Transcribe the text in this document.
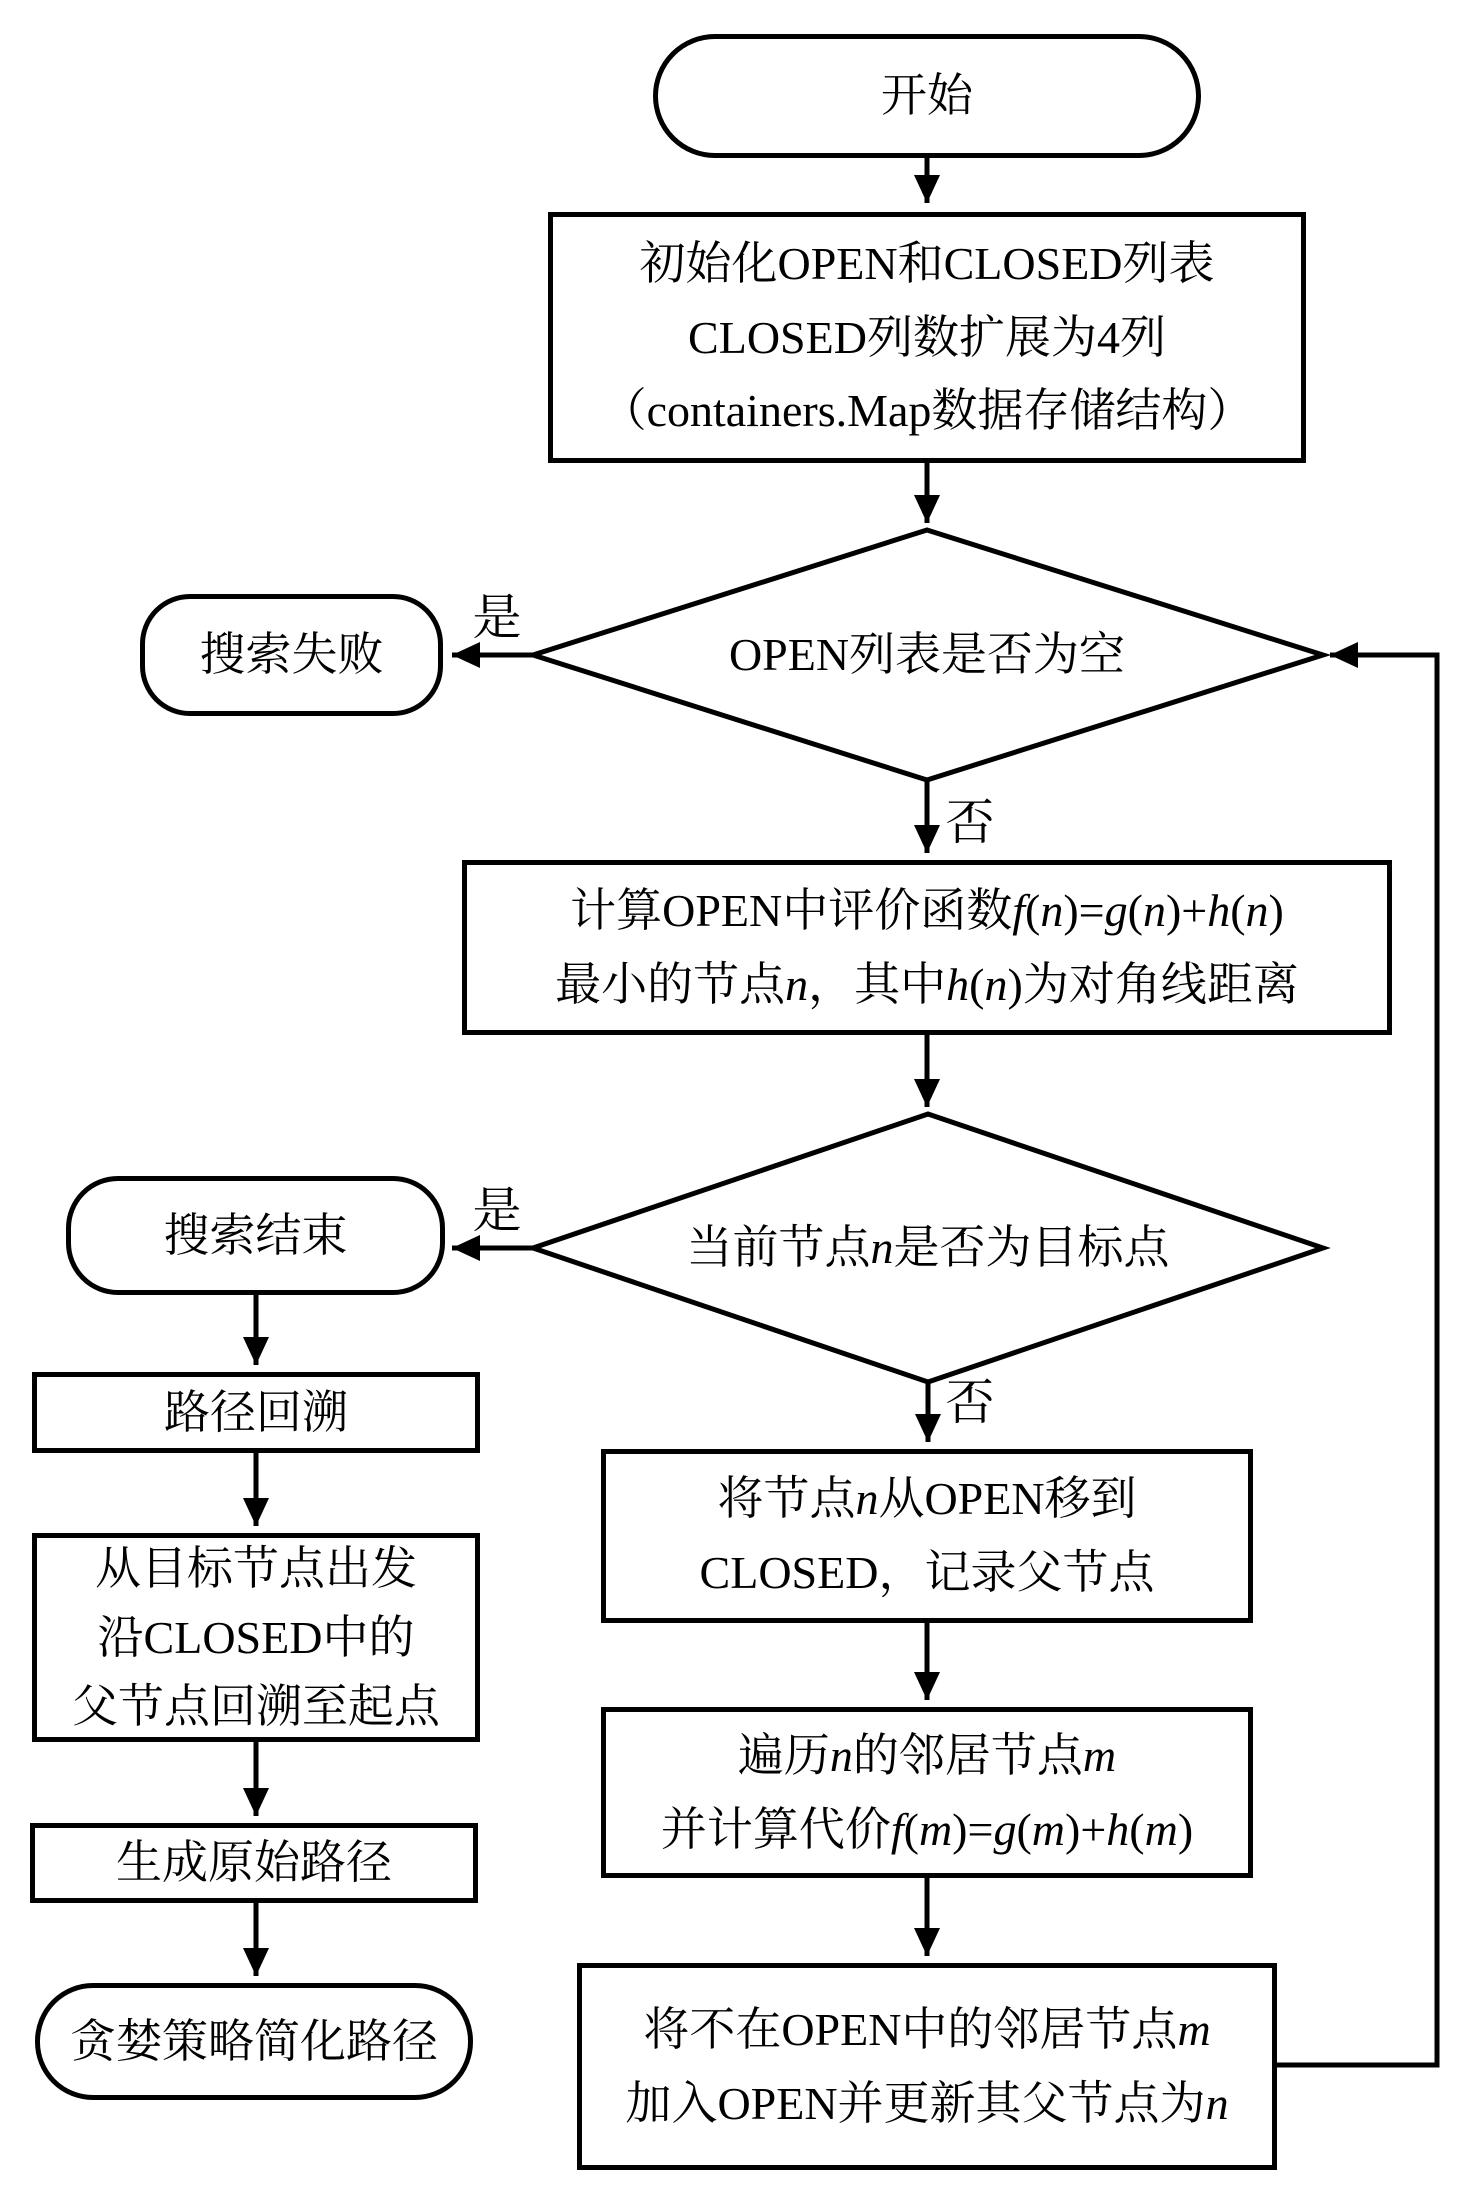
开始
初始化OPEN和CLOSED列表
CLOSED列数扩展为4列
（containers.Map数据存储结构）
OPEN列表是否为空
搜索失败
计算OPEN中评价函数f(n)=g(n)+h(n)
最小的节点n，其中h(n)为对角线距离
当前节点n是否为目标点
搜索结束
路径回溯
从目标节点出发
沿CLOSED中的
父节点回溯至起点
生成原始路径
贪婪策略简化路径
将节点n从OPEN移到
CLOSED，记录父节点
遍历n的邻居节点m
并计算代价f(m)=g(m)+h(m)
将不在OPEN中的邻居节点m
加入OPEN并更新其父节点为n
是
否
是
否
